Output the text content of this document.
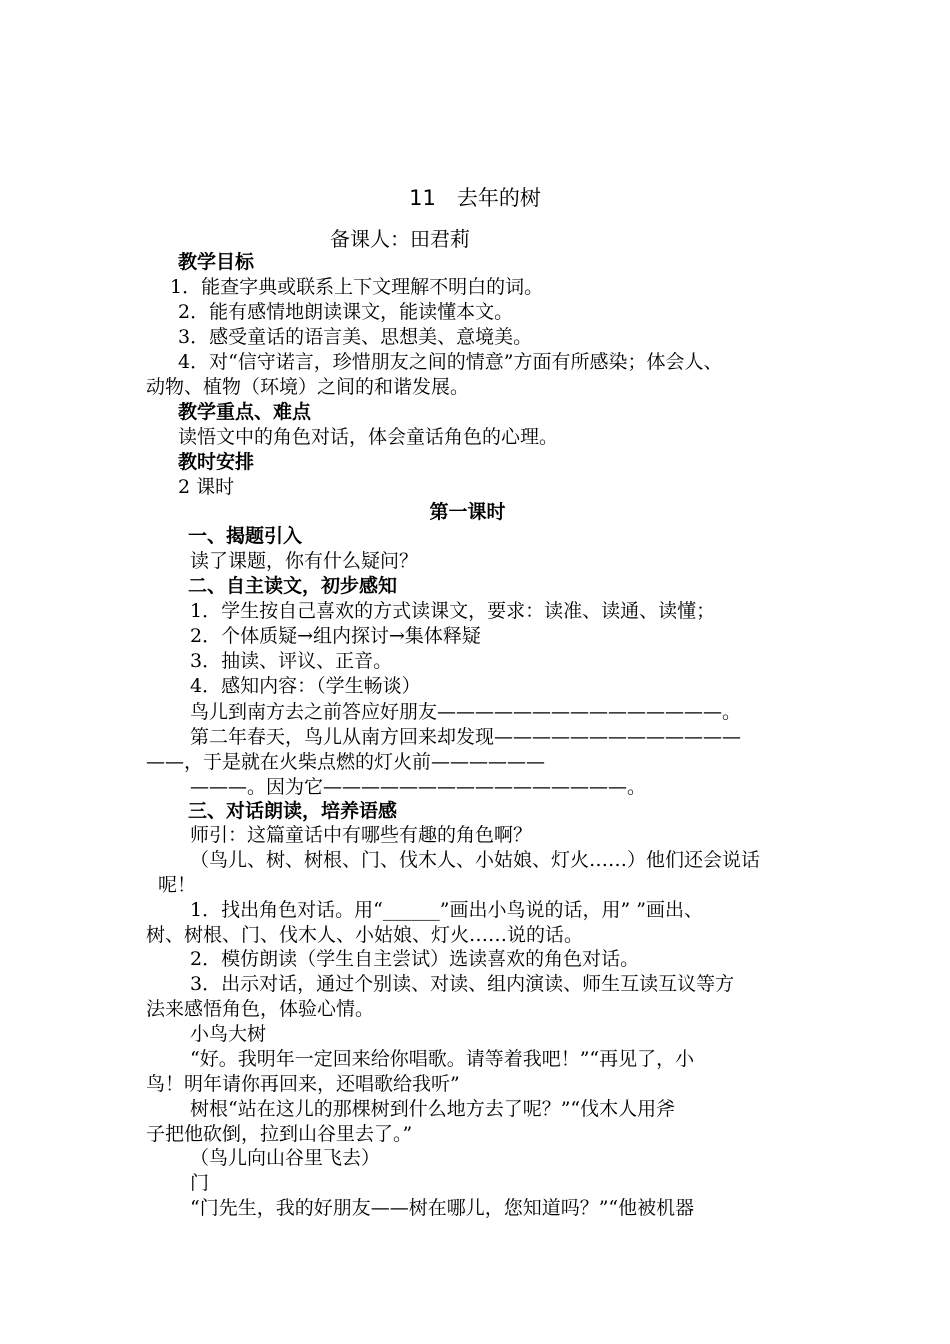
11　去年的树
备课人：田君莉
教学目标
1．能查字典或联系上下文理解不明白的词。
2．能有感情地朗读课文，能读懂本文。
3．感受童话的语言美、思想美、意境美。
4．对“信守诺言，珍惜朋友之间的情意”方面有所感染；体会人、
动物、植物（环境）之间的和谐发展。
教学重点、难点
读悟文中的角色对话，体会童话角色的心理。
教时安排
2 课时
第一课时
一、揭题引入
读了课题，你有什么疑问？
二、自主读文，初步感知
1．学生按自己喜欢的方式读课文，要求：读准、读通、读懂；
2．个体质疑→组内探讨→集体释疑
3．抽读、评议、正音。
4．感知内容：（学生畅谈）
鸟儿到南方去之前答应好朋友———————————————。
第二年春天，鸟儿从南方回来却发现—————————————
——，于是就在火柴点燃的灯火前——————
———。因为它————————————————。
三、对话朗读，培养语感
师引：这篇童话中有哪些有趣的角色啊？
（鸟儿、树、树根、门、伐木人、小姑娘、灯火……）他们还会说话
呢！
1．找出角色对话。用“______”画出小鸟说的话，用” ”画出、
树、树根、门、伐木人、小姑娘、灯火……说的话。
2．模仿朗读（学生自主尝试）选读喜欢的角色对话。
3．出示对话，通过个别读、对读、组内演读、师生互读互议等方
法来感悟角色，体验心情。
小鸟大树
“好。我明年一定回来给你唱歌。请等着我吧！”“再见了，小
鸟！明年请你再回来，还唱歌给我听”
树根“站在这儿的那棵树到什么地方去了呢？”“伐木人用斧
子把他砍倒，拉到山谷里去了。”
（鸟儿向山谷里飞去）
门
“门先生，我的好朋友——树在哪儿，您知道吗？”“他被机器
